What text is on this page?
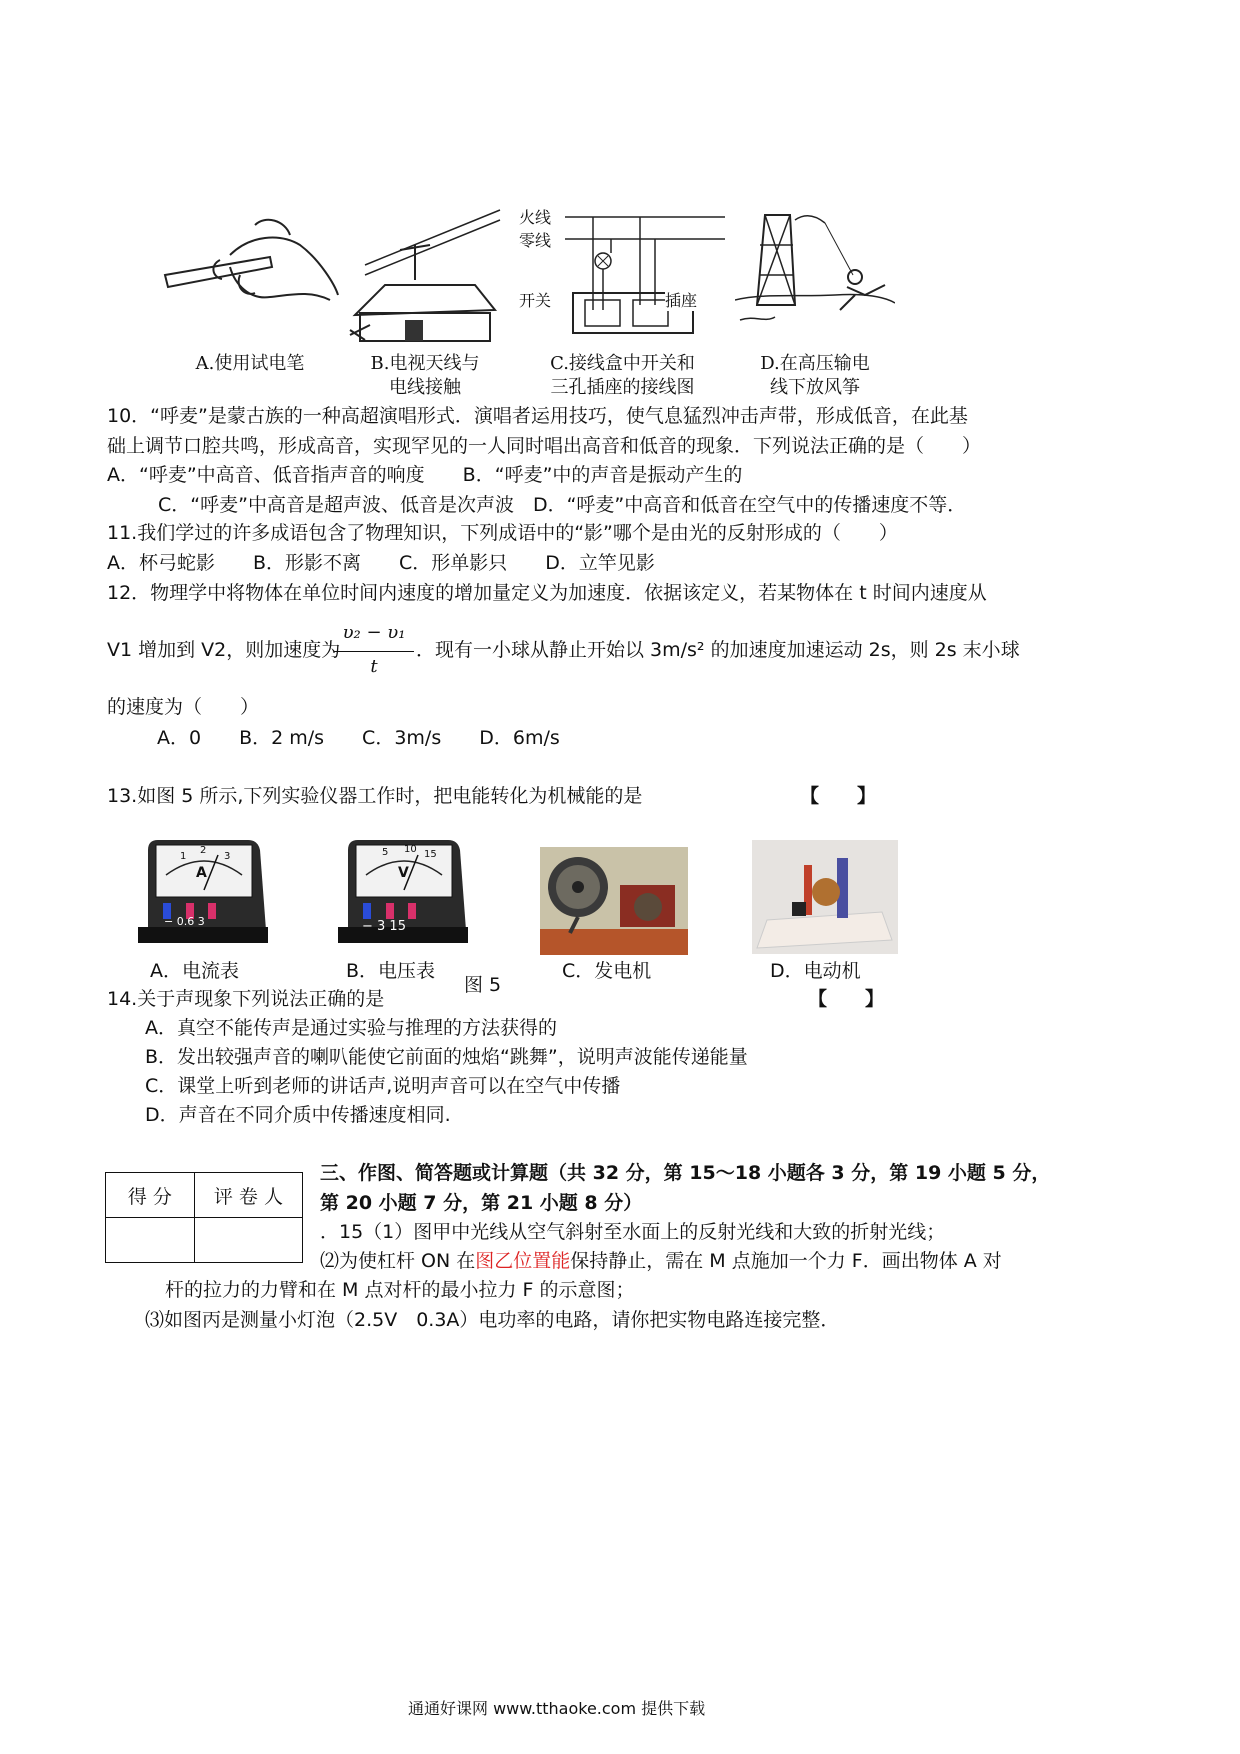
A.使用试电笔	B.电视天线与
电线接触
火线
零线
开关	插座
C.接线盒中开关和
三孔插座的接线图
D.在高压输电
线下放风筝
10．“呼麦”是蒙古族的一种高超演唱形式．演唱者运用技巧，使气息猛烈冲击声带，形成低音，在此基
础上调节口腔共鸣，形成高音，实现罕见的一人同时唱出高音和低音的现象．下列说法正确的是（　　）
A．“呼麦”中高音、低音指声音的响度　　B．“呼麦”中的声音是振动产生的
C．“呼麦”中高音是超声波、低音是次声波　D．“呼麦”中高音和低音在空气中的传播速度不等．
11.我们学过的许多成语包含了物理知识，下列成语中的“影”哪个是由光的反射形成的（　　）
A．杯弓蛇影　　B．形影不离　　C．形单影只　　D．立竿见影
12．物理学中将物体在单位时间内速度的增加量定义为加速度．依据该定义，若某物体在 t 时间内速度从
V1 增加到 V2，则加速度为
υ₂ − υ₁
t
．现有一小球从静止开始以 3m/s² 的加速度加速运动 2s，则 2s 末小球
的速度为（　　）
A．0　　B．2 m/s　　C．3m/s　　D．6m/s
13.如图 5 所示,下列实验仪器工作时，把电能转化为机械能的是	【　　】
1
2
3
A
− 0.6 3
A．电流表
5 10 15
V
− 3 15
B．电压表	C．发电机	D．电动机
图 5
14.关于声现象下列说法正确的是	【　　】
A．真空不能传声是通过实验与推理的方法获得的
B．发出较强声音的喇叭能使它前面的烛焰“跳舞”，说明声波能传递能量
C．课堂上听到老师的讲话声,说明声音可以在空气中传播
D．声音在不同介质中传播速度相同.
得 分	评 卷 人

三、作图、简答题或计算题（共 32 分，第 15～18 小题各 3 分，第 19 小题 5 分，
第 20 小题 7 分，第 21 小题 8 分）
．15（1）图甲中光线从空气斜射至水面上的反射光线和大致的折射光线；
⑵为使杠杆 ON 在图乙位置能保持静止，需在 M 点施加一个力 F．画出物体 A 对
杆的拉力的力臂和在 M 点对杆的最小拉力 F 的示意图；
⑶如图丙是测量小灯泡（2.5V　0.3A）电功率的电路，请你把实物电路连接完整．
通通好课网 www.tthaoke.com 提供下载
